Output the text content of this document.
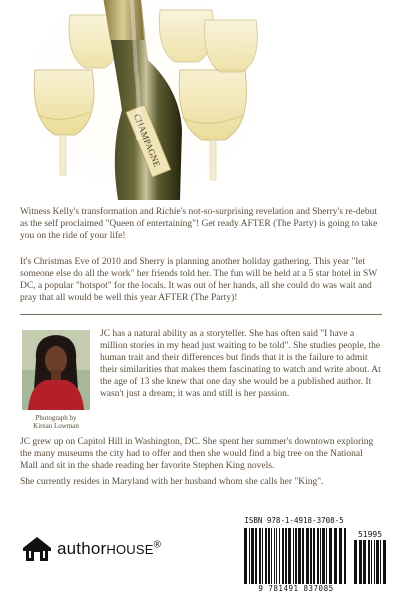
CHAMPAGNE

Witness Kelly's transformation and Richie's not-so-surprising revelation and Sherry's re-debut as the self proclaimed "Queen of entertaining"! Get ready AFTER (The Party) is going to take you on the ride of your life!

It's Christmas Eve of 2010 and Sherry is planning another holiday gathering. This year "let someone else do all the work" her friends told her. The fun will be held at a 5 star hotel in SW DC, a popular "hotspot" for the locals. It was out of her hands, all she could do was wait and pray that all would be well this year AFTER (The Party)!

Photograph by
Kirean Lowman

JC has a natural ability as a storyteller. She has often said "I have a million stories in my head just waiting to be told". She studies people, the human trait and their differences but finds that it is the failure to admit their similarities that makes them fascinating to watch and write about. At the age of 13 she knew that one day she would be a published author. It wasn't just a dream; it was and still is her passion.

JC grew up on Capitol Hill in Washington, DC. She spent her summer's downtown exploring the many museums the city had to offer and then she would find a big tree on the National Mall and sit in the shade reading her favorite Stephen King novels.

She currently resides in Maryland with her husband whom she calls her "King".

authorHOUSE®
ISBN 978-1-4918-3708-5
51995
9 781491 837085
